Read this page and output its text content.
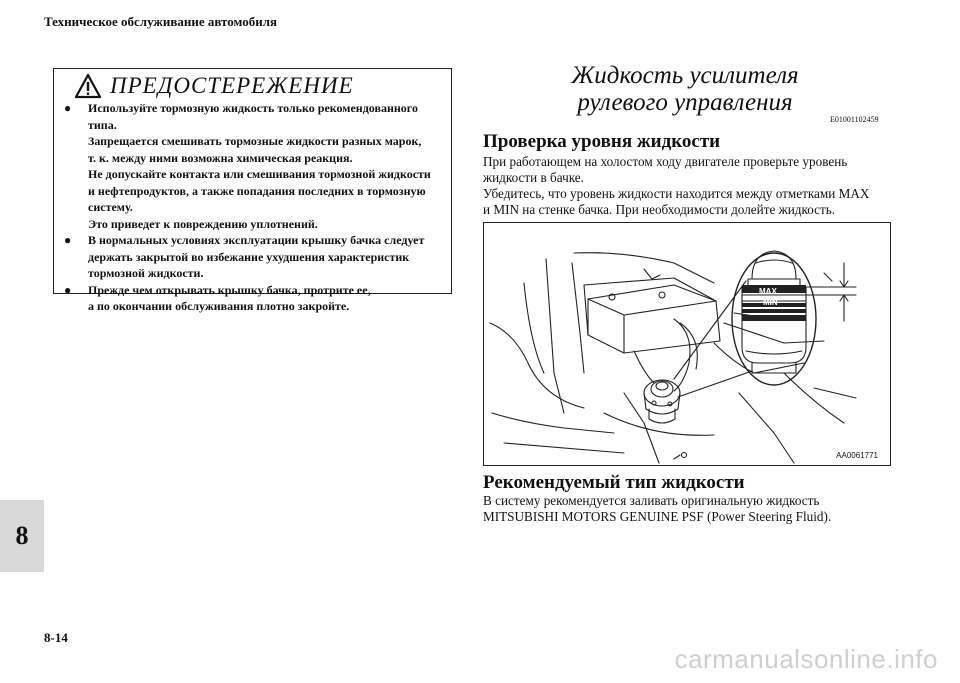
Техническое обслуживание автомобиля
8
8-14
ПРЕДОСТЕРЕЖЕНИЕ
●	Используйте тормозную жидкость только рекомендованного
типа.
Запрещается смешивать тормозные жидкости разных марок,
т. к. между ними возможна химическая реакция.
Не допускайте контакта или смешивания тормозной жидкости
и нефтепродуктов, а также попадания последних в тормозную
систему.
Это приведет к повреждению уплотнений.
●	В нормальных условиях эксплуатации крышку бачка следует
держать закрытой во избежание ухудшения характеристик
тормозной жидкости.
●	Прежде чем открывать крышку бачка, протрите ее,
а по окончании обслуживания плотно закройте.
Жидкость усилителя
рулевого управления
E01001102459
Проверка уровня жидкости
При работающем на холостом ходу двигателе проверьте уровень
жидкости в бачке.
Убедитесь, что уровень жидкости находится между отметками MAX
и MIN на стенке бачка. При необходимости долейте жидкость.
MAX
MIN
AA0061771
Рекомендуемый тип жидкости
В систему рекомендуется заливать оригинальную жидкость
MITSUBISHI MOTORS GENUINE PSF (Power Steering Fluid).
carmanualsonline.info
